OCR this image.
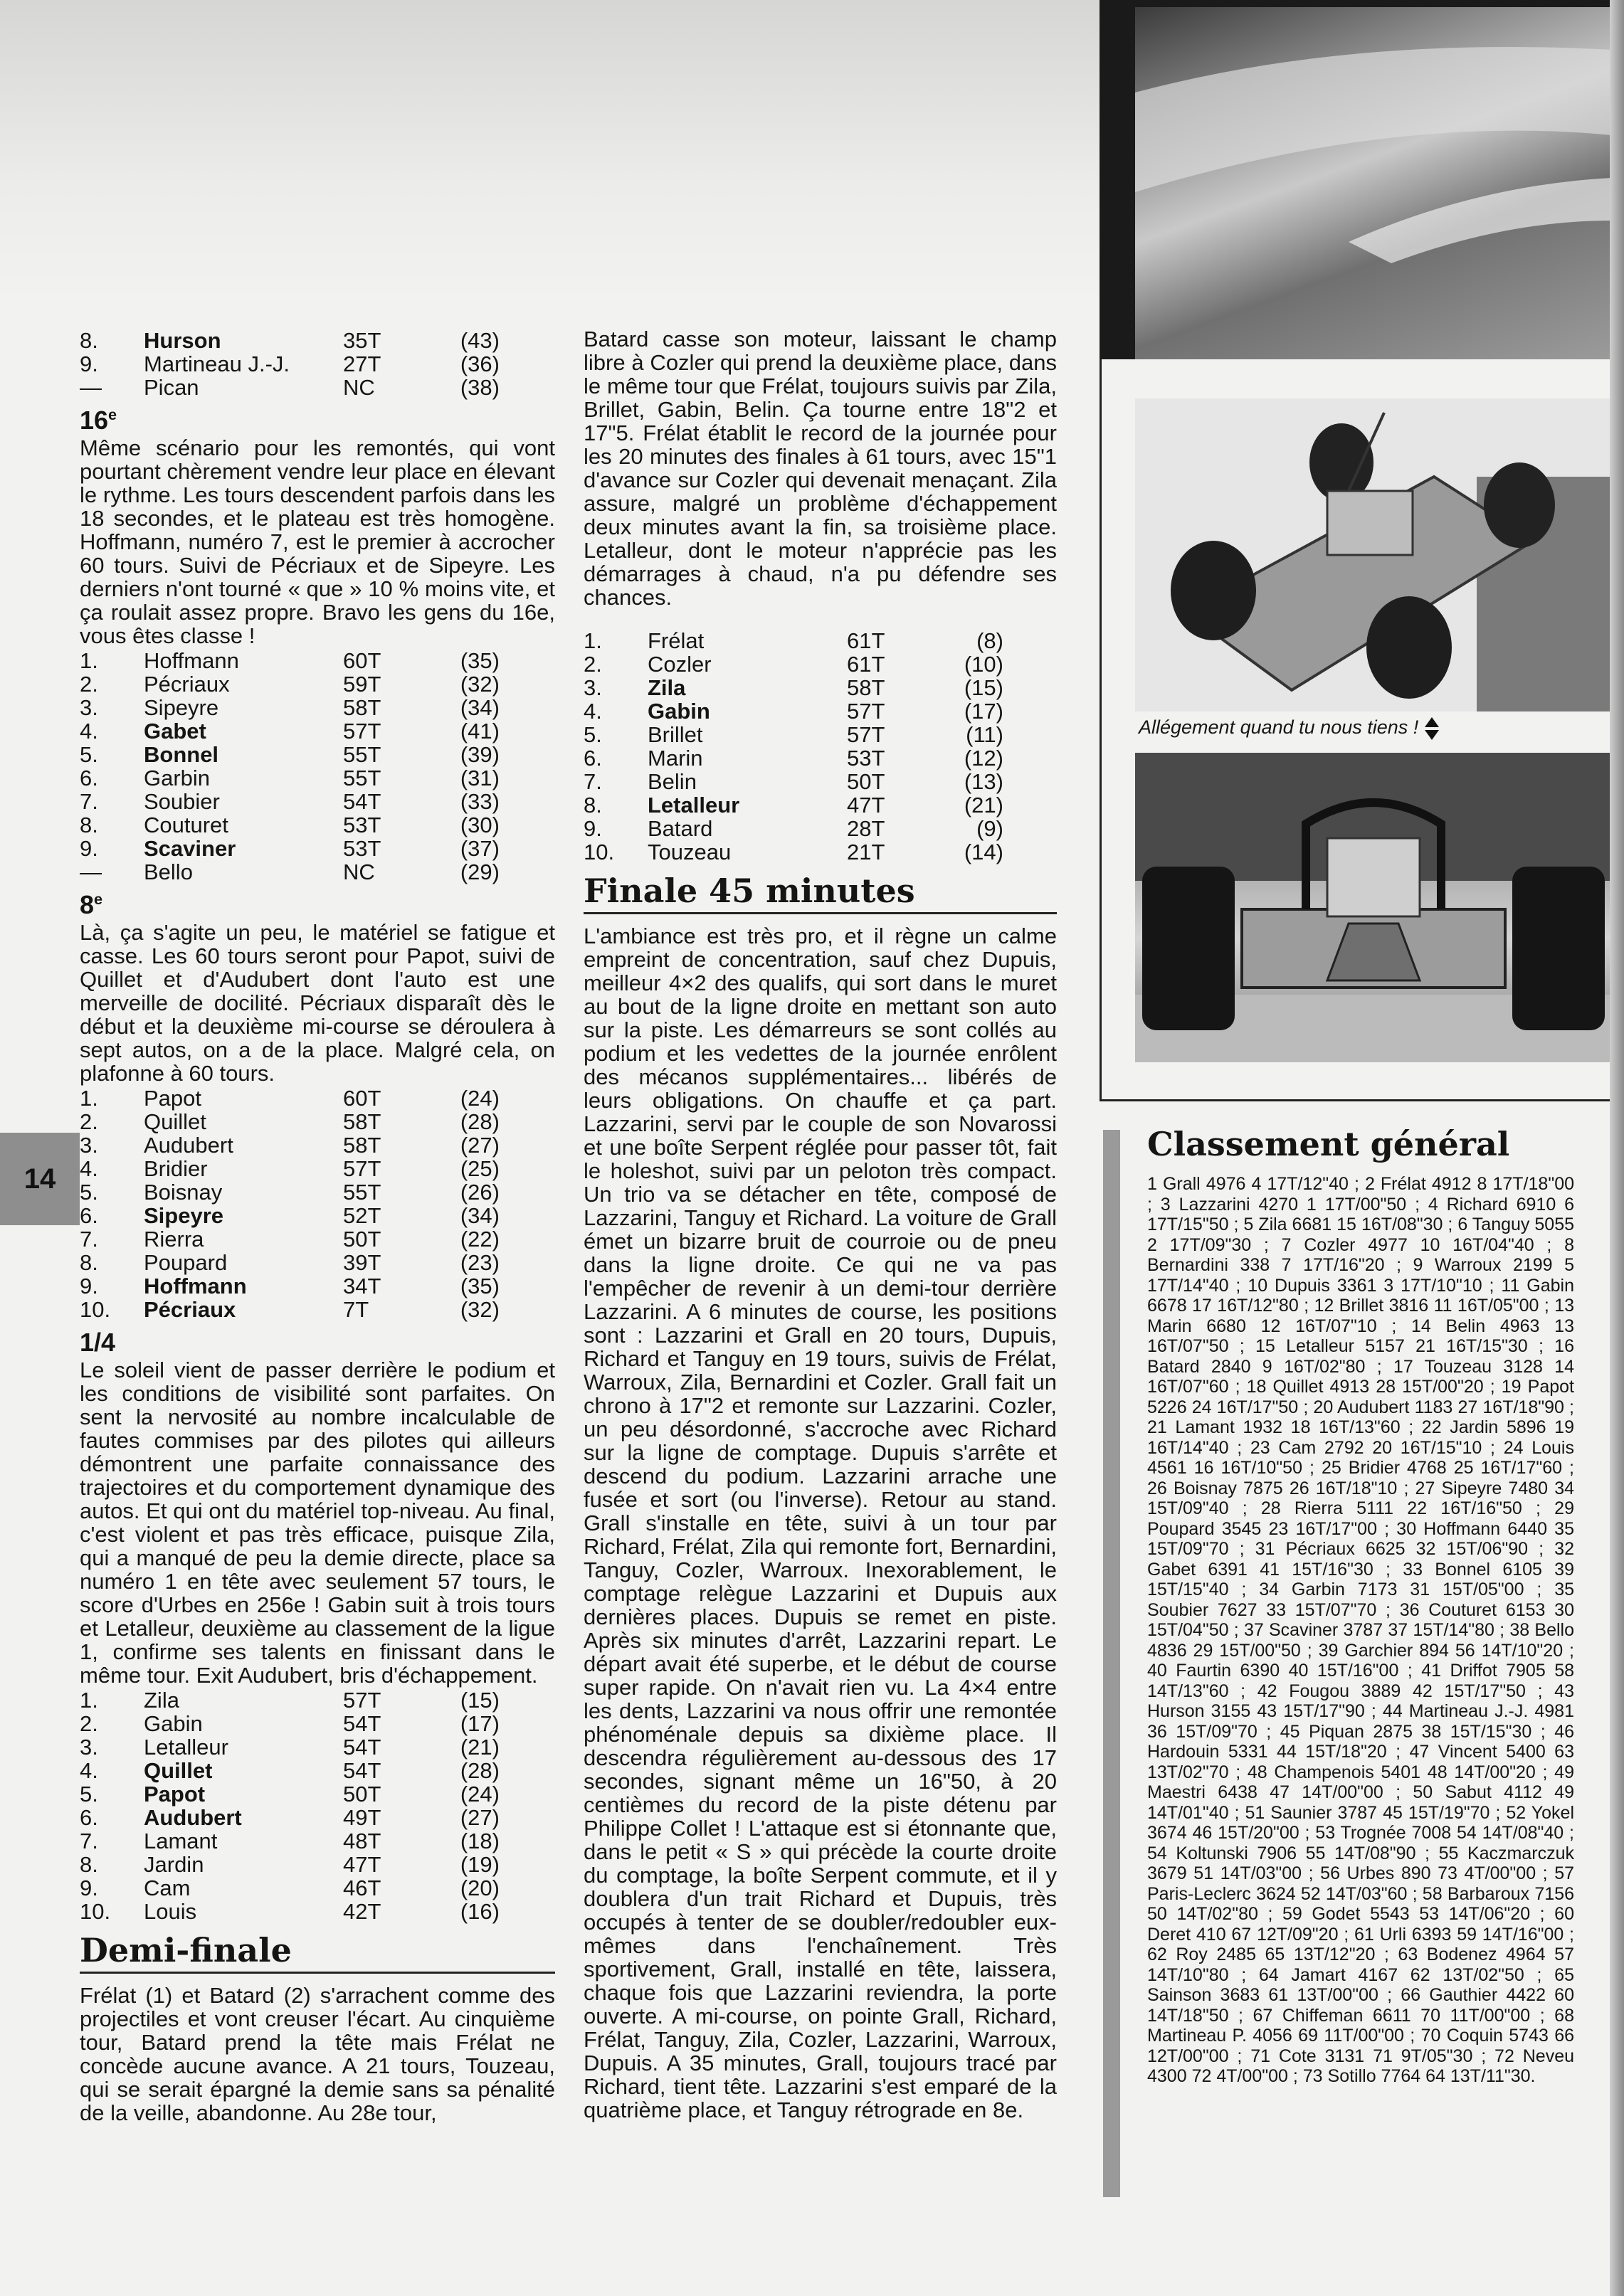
8.	Hurson	35T	(43)
9.	Martineau J.-J.	27T	(36)
—	Pican	NC	(38)
16e

Même scénario pour les remontés, qui vont pourtant chèrement vendre leur place en élevant le rythme. Les tours descendent parfois dans les 18 secondes, et le plateau est très homogène. Hoffmann, numéro 7, est le premier à accrocher 60 tours. Suivi de Pécriaux et de Sipeyre. Les derniers n'ont tourné « que » 10 % moins vite, et ça roulait assez propre. Bravo les gens du 16e, vous êtes classe !

1.	Hoffmann	60T	(35)
2.	Pécriaux	59T	(32)
3.	Sipeyre	58T	(34)
4.	Gabet	57T	(41)
5.	Bonnel	55T	(39)
6.	Garbin	55T	(31)
7.	Soubier	54T	(33)
8.	Couturet	53T	(30)
9.	Scaviner	53T	(37)
—	Bello	NC	(29)
8e

Là, ça s'agite un peu, le matériel se fatigue et casse. Les 60 tours seront pour Papot, suivi de Quillet et d'Audubert dont l'auto est une merveille de docilité. Pécriaux disparaît dès le début et la deuxième mi-course se déroulera à sept autos, on a de la place. Malgré cela, on plafonne à 60 tours.

1.	Papot	60T	(24)
2.	Quillet	58T	(28)
3.	Audubert	58T	(27)
4.	Bridier	57T	(25)
5.	Boisnay	55T	(26)
6.	Sipeyre	52T	(34)
7.	Rierra	50T	(22)
8.	Poupard	39T	(23)
9.	Hoffmann	34T	(35)
10.	Pécriaux	7T	(32)
1/4

Le soleil vient de passer derrière le podium et les conditions de visibilité sont parfaites. On sent la nervosité au nombre incalculable de fautes commises par des pilotes qui ailleurs démontrent une parfaite connaissance des trajectoires et du comportement dynamique des autos. Et qui ont du matériel top-niveau. Au final, c'est violent et pas très efficace, puisque Zila, qui a manqué de peu la demie directe, place sa numéro 1 en tête avec seulement 57 tours, le score d'Urbes en 256e ! Gabin suit à trois tours et Letalleur, deuxième au classement de la ligue 1, confirme ses talents en finissant dans le même tour. Exit Audubert, bris d'échappement.

1.	Zila	57T	(15)
2.	Gabin	54T	(17)
3.	Letalleur	54T	(21)
4.	Quillet	54T	(28)
5.	Papot	50T	(24)
6.	Audubert	49T	(27)
7.	Lamant	48T	(18)
8.	Jardin	47T	(19)
9.	Cam	46T	(20)
10.	Louis	42T	(16)
Demi-finale

Frélat (1) et Batard (2) s'arrachent comme des projectiles et vont creuser l'écart. Au cinquième tour, Batard prend la tête mais Frélat ne concède aucune avance. A 21 tours, Touzeau, qui se serait épargné la demie sans sa pénalité de la veille, abandonne. Au 28e tour,

Batard casse son moteur, laissant le champ libre à Cozler qui prend la deuxième place, dans le même tour que Frélat, toujours suivis par Zila, Brillet, Gabin, Belin. Ça tourne entre 18"2 et 17"5. Frélat établit le record de la journée pour les 20 minutes des finales à 61 tours, avec 15"1 d'avance sur Cozler qui devenait menaçant. Zila assure, malgré un problème d'échappement deux minutes avant la fin, sa troisième place. Letalleur, dont le moteur n'apprécie pas les démarrages à chaud, n'a pu défendre ses chances.

1.	Frélat	61T	(8)
2.	Cozler	61T	(10)
3.	Zila	58T	(15)
4.	Gabin	57T	(17)
5.	Brillet	57T	(11)
6.	Marin	53T	(12)
7.	Belin	50T	(13)
8.	Letalleur	47T	(21)
9.	Batard	28T	(9)
10.	Touzeau	21T	(14)
Finale 45 minutes

L'ambiance est très pro, et il règne un calme empreint de concentration, sauf chez Dupuis, meilleur 4×2 des qualifs, qui sort dans le muret au bout de la ligne droite en mettant son auto sur la piste. Les démarreurs se sont collés au podium et les vedettes de la journée enrôlent des mécanos supplémentaires... libérés de leurs obligations. On chauffe et ça part. Lazzarini, servi par le couple de son Novarossi et une boîte Serpent réglée pour passer tôt, fait le holeshot, suivi par un peloton très compact. Un trio va se détacher en tête, composé de Lazzarini, Tanguy et Richard. La voiture de Grall émet un bizarre bruit de courroie ou de pneu dans la ligne droite. Ce qui ne va pas l'empêcher de revenir à un demi-tour derrière Lazzarini. A 6 minutes de course, les positions sont : Lazzarini et Grall en 20 tours, Dupuis, Richard et Tanguy en 19 tours, suivis de Frélat, Warroux, Zila, Bernardini et Cozler. Grall fait un chrono à 17"2 et remonte sur Lazzarini. Cozler, un peu désordonné, s'accroche avec Richard sur la ligne de comptage. Dupuis s'arrête et descend du podium. Lazzarini arrache une fusée et sort (ou l'inverse). Retour au stand. Grall s'installe en tête, suivi à un tour par Richard, Frélat, Zila qui remonte fort, Bernardini, Tanguy, Cozler, Warroux. Inexorablement, le comptage relègue Lazzarini et Dupuis aux dernières places. Dupuis se remet en piste. Après six minutes d'arrêt, Lazzarini repart. Le départ avait été superbe, et le début de course super rapide. On n'avait rien vu. La 4×4 entre les dents, Lazzarini va nous offrir une remontée phénoménale depuis sa dixième place. Il descendra régulièrement au-dessous des 17 secondes, signant même un 16"50, à 20 centièmes du record de la piste détenu par Philippe Collet ! L'attaque est si étonnante que, dans le petit « S » qui précède la courte droite du comptage, la boîte Serpent commute, et il y doublera d'un trait Richard et Dupuis, très occupés à tenter de se doubler/redoubler eux-mêmes dans l'enchaînement. Très sportivement, Grall, installé en tête, laissera, chaque fois que Lazzarini reviendra, la porte ouverte. A mi-course, on pointe Grall, Richard, Frélat, Tanguy, Zila, Cozler, Lazzarini, Warroux, Dupuis. A 35 minutes, Grall, toujours tracé par Richard, tient tête. Lazzarini s'est emparé de la quatrième place, et Tanguy rétrograde en 8e.

14
Allégement quand tu nous tiens !
Classement général

1 Grall 4976 4 17T/12"40 ; 2 Frélat 4912 8 17T/18"00 ; 3 Lazzarini 4270 1 17T/00"50 ; 4 Richard 6910 6 17T/15"50 ; 5 Zila 6681 15 16T/08"30 ; 6 Tanguy 5055 2 17T/09"30 ; 7 Cozler 4977 10 16T/04"40 ; 8 Bernardini 338 7 17T/16"20 ; 9 Warroux 2199 5 17T/14"40 ; 10 Dupuis 3361 3 17T/10"10 ; 11 Gabin 6678 17 16T/12"80 ; 12 Brillet 3816 11 16T/05"00 ; 13 Marin 6680 12 16T/07"10 ; 14 Belin 4963 13 16T/07"50 ; 15 Letalleur 5157 21 16T/15"30 ; 16 Batard 2840 9 16T/02"80 ; 17 Touzeau 3128 14 16T/07"60 ; 18 Quillet 4913 28 15T/00"20 ; 19 Papot 5226 24 16T/17"50 ; 20 Audubert 1183 27 16T/18"90 ; 21 Lamant 1932 18 16T/13"60 ; 22 Jardin 5896 19 16T/14"40 ; 23 Cam 2792 20 16T/15"10 ; 24 Louis 4561 16 16T/10"50 ; 25 Bridier 4768 25 16T/17"60 ; 26 Boisnay 7875 26 16T/18"10 ; 27 Sipeyre 7480 34 15T/09"40 ; 28 Rierra 5111 22 16T/16"50 ; 29 Poupard 3545 23 16T/17"00 ; 30 Hoffmann 6440 35 15T/09"70 ; 31 Pécriaux 6625 32 15T/06"90 ; 32 Gabet 6391 41 15T/16"30 ; 33 Bonnel 6105 39 15T/15"40 ; 34 Garbin 7173 31 15T/05"00 ; 35 Soubier 7627 33 15T/07"70 ; 36 Couturet 6153 30 15T/04"50 ; 37 Scaviner 3787 37 15T/14"80 ; 38 Bello 4836 29 15T/00"50 ; 39 Garchier 894 56 14T/10"20 ; 40 Faurtin 6390 40 15T/16"00 ; 41 Driffot 7905 58 14T/13"60 ; 42 Fougou 3889 42 15T/17"50 ; 43 Hurson 3155 43 15T/17"90 ; 44 Martineau J.-J. 4981 36 15T/09"70 ; 45 Piquan 2875 38 15T/15"30 ; 46 Hardouin 5331 44 15T/18"20 ; 47 Vincent 5400 63 13T/02"70 ; 48 Champenois 5401 48 14T/00"20 ; 49 Maestri 6438 47 14T/00"00 ; 50 Sabut 4112 49 14T/01"40 ; 51 Saunier 3787 45 15T/19"70 ; 52 Yokel 3674 46 15T/20"00 ; 53 Trognée 7008 54 14T/08"40 ; 54 Koltunski 7906 55 14T/08"90 ; 55 Kaczmarczuk 3679 51 14T/03"00 ; 56 Urbes 890 73 4T/00"00 ; 57 Paris-Leclerc 3624 52 14T/03"60 ; 58 Barbaroux 7156 50 14T/02"80 ; 59 Godet 5543 53 14T/06"20 ; 60 Deret 410 67 12T/09"20 ; 61 Urli 6393 59 14T/16"00 ; 62 Roy 2485 65 13T/12"20 ; 63 Bodenez 4964 57 14T/10"80 ; 64 Jamart 4167 62 13T/02"50 ; 65 Sainson 3683 61 13T/00"00 ; 66 Gauthier 4422 60 14T/18"50 ; 67 Chiffeman 6611 70 11T/00"00 ; 68 Martineau P. 4056 69 11T/00"00 ; 70 Coquin 5743 66 12T/00"00 ; 71 Cote 3131 71 9T/05"30 ; 72 Neveu 4300 72 4T/00"00 ; 73 Sotillo 7764 64 13T/11"30.
